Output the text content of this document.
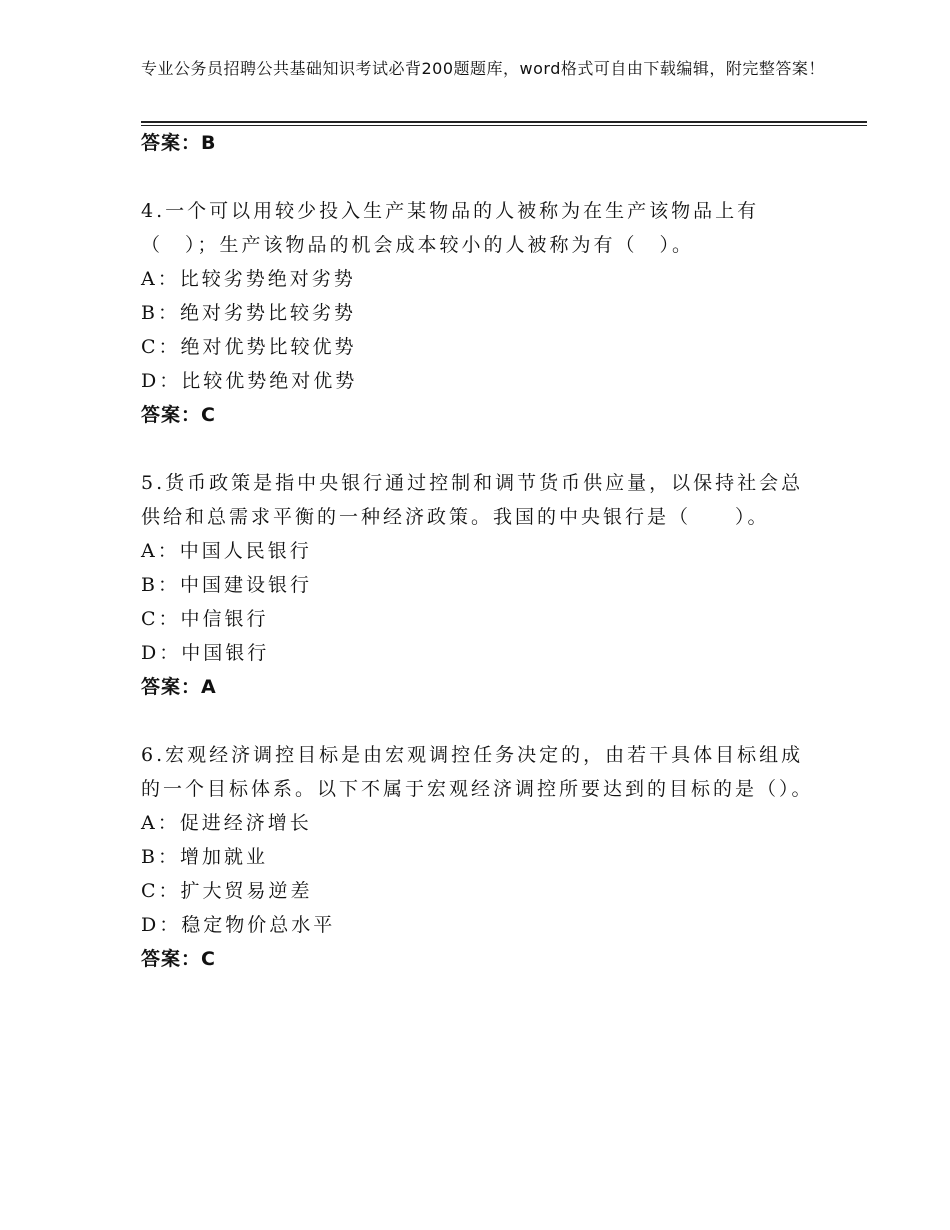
专业公务员招聘公共基础知识考试必背200题题库，word格式可自由下载编辑，附完整答案！
答案：B
4.一个可以用较少投入生产某物品的人被称为在生产该物品上有（　）；生产该物品的机会成本较小的人被称为有（　）。
A：比较劣势绝对劣势
B：绝对劣势比较劣势
C：绝对优势比较优势
D：比较优势绝对优势
答案：C
5.货币政策是指中央银行通过控制和调节货币供应量，以保持社会总供给和总需求平衡的一种经济政策。我国的中央银行是（　　）。
A：中国人民银行
B：中国建设银行
C：中信银行
D：中国银行
答案：A
6.宏观经济调控目标是由宏观调控任务决定的，由若干具体目标组成的一个目标体系。以下不属于宏观经济调控所要达到的目标的是（）。
A：促进经济增长
B：增加就业
C：扩大贸易逆差
D：稳定物价总水平
答案：C
